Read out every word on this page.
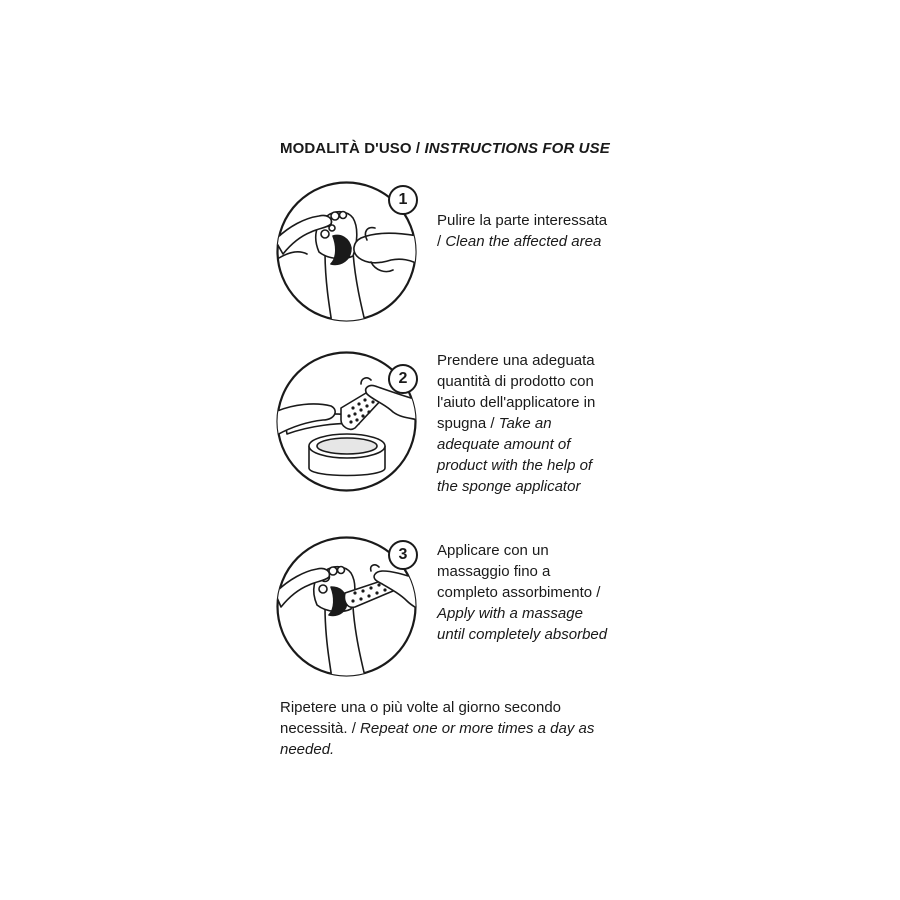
MODALITÀ D'USO / INSTRUCTIONS FOR USE
1
Pulire la parte interessata / Clean the affected area
2
Prendere una adeguata quantità di prodotto con l'aiuto dell'applicatore in spugna / Take an adequate amount of product with the help of the sponge applicator
3	Applicare con un massaggio fino a completo assorbimento / Apply with a massage until completely absorbed
Ripetere una o più volte al giorno secondo necessità. / Repeat one or more times a day as needed.
